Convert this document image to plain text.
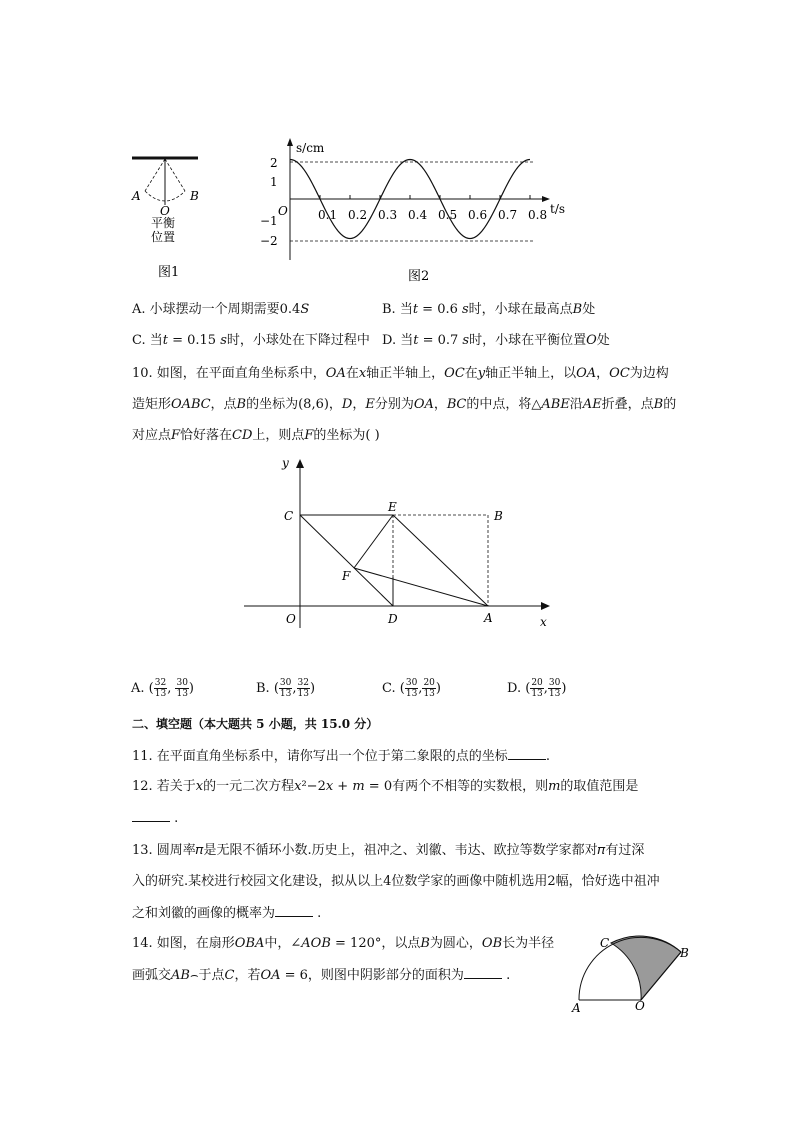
A	B
O
平衡
位置
图1
s/cm
t/s
O
2
1
−1
−2
0.1 0.2 0.3 0.4 0.5 0.6 0.7 0.8
图2
A. 小球摆动一个周期需要0.4𝑆	B. 当𝑡 = 0.6 𝑠时，小球在最高点𝐵处
C. 当𝑡 = 0.15 𝑠时，小球处在下降过程中 D. 当𝑡 = 0.7 𝑠时，小球在平衡位置𝑂处
10. 如图，在平面直角坐标系中，𝑂𝐴在𝑥轴正半轴上，𝑂𝐶在𝑦轴正半轴上，以𝑂𝐴，𝑂𝐶为边构
造矩形𝑂𝐴𝐵𝐶，点𝐵的坐标为(8,6)，𝐷，𝐸分别为𝑂𝐴，𝐵𝐶的中点，将△𝐴𝐵𝐸沿𝐴𝐸折叠，点𝐵的
对应点𝐹恰好落在𝐶𝐷上，则点𝐹的坐标为( )
y
x
C
E
B
F
O	D	A
A. ( $\frac{32}{13}$ , $\frac{30}{13}$ )	B. ( $\frac{30}{13}$ , $\frac{32}{13}$ )	C. ( $\frac{30}{13}$ , $\frac{20}{13}$ )	D. ( $\frac{20}{13}$ , $\frac{30}{13}$ )
二、填空题（本大题共 5 小题，共 15.0 分）
11. 在平面直角坐标系中，请你写出一个位于第二象限的点的坐标	.
12. 若关于𝑥的一元二次方程𝑥²−2𝑥 + 𝑚 = 0有两个不相等的实数根，则𝑚的取值范围是
.
13. 圆周率𝜋是无限不循环小数.历史上，祖冲之、刘徽、韦达、欧拉等数学家都对𝜋有过深
入的研究.某校进行校园文化建设，拟从以上4位数学家的画像中随机选用2幅，恰好选中祖冲
之和刘徽的画像的概率为	.
14. 如图，在扇形𝑂𝐵𝐴中，∠𝐴𝑂𝐵 = 120°，以点𝐵为圆心，𝑂𝐵长为半径
画弧交𝐴𝐵⌢于点𝐶，若𝑂𝐴 = 6，则图中阴影部分的面积为	.
C
B
A	O
